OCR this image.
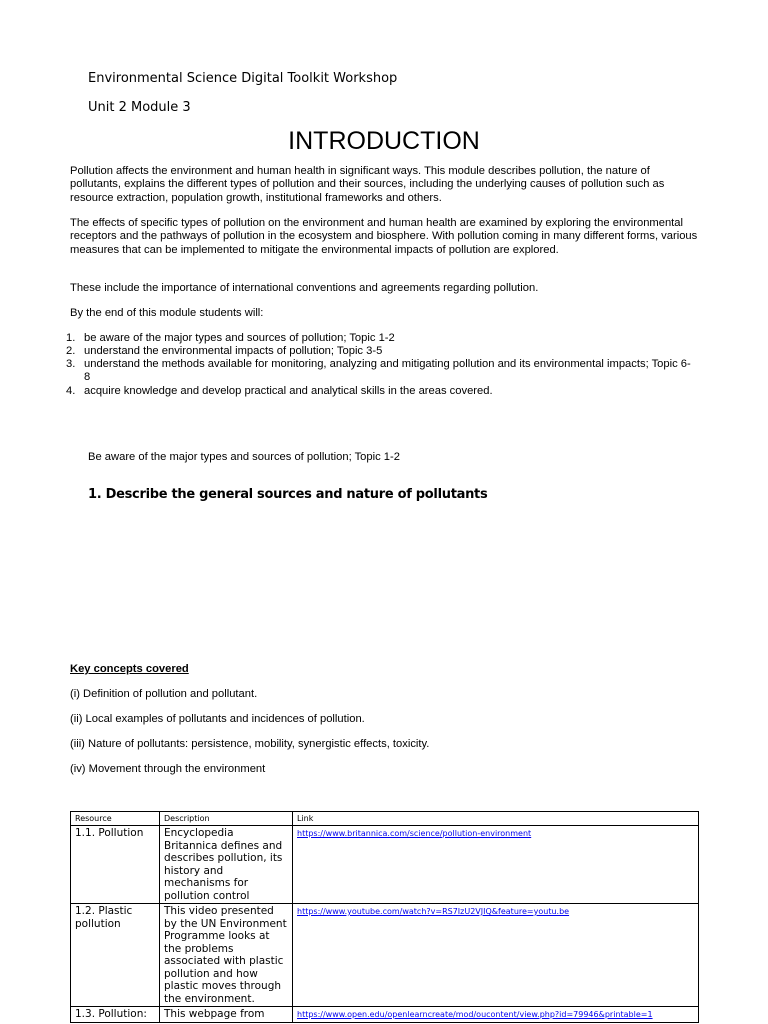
Environmental Science Digital Toolkit Workshop
Unit 2 Module 3
INTRODUCTION
Pollution affects the environment and human health in significant ways. This module describes pollution, the nature of pollutants, explains the different types of pollution and their sources, including the underlying causes of pollution such as resource extraction, population growth, institutional frameworks and others.
The effects of specific types of pollution on the environment and human health are examined by exploring the environmental receptors and the pathways of pollution in the ecosystem and biosphere. With pollution coming in many different forms, various measures that can be implemented to mitigate the environmental impacts of pollution are explored.
These include the importance of international conventions and agreements regarding pollution.
By the end of this module students will:
1. be aware of the major types and sources of pollution; Topic 1-2
2. understand the environmental impacts of pollution; Topic 3-5
3. understand the methods available for monitoring, analyzing and mitigating pollution and its environmental impacts; Topic 6-8
4. acquire knowledge and develop practical and analytical skills in the areas covered.
Be aware of the major types and sources of pollution; Topic 1-2
1. Describe the general sources and nature of pollutants
Key concepts covered
(i) Definition of pollution and pollutant.
(ii) Local examples of pollutants and incidences of pollution.
(iii) Nature of pollutants: persistence, mobility, synergistic effects, toxicity.
(iv) Movement through the environment
Resource	Description	Link
1.1. Pollution	Encyclopedia Britannica defines and describes pollution, its history and mechanisms for pollution control	https://www.britannica.com/science/pollution-environment
1.2. Plastic pollution	This video presented by the UN Environment Programme looks at the problems associated with plastic pollution and how plastic moves through the environment.	https://www.youtube.com/watch?v=RS7IzU2VJIQ&feature=youtu.be
1.3. Pollution:	This webpage from	https://www.open.edu/openlearncreate/mod/oucontent/view.php?id=79946&printable=1
